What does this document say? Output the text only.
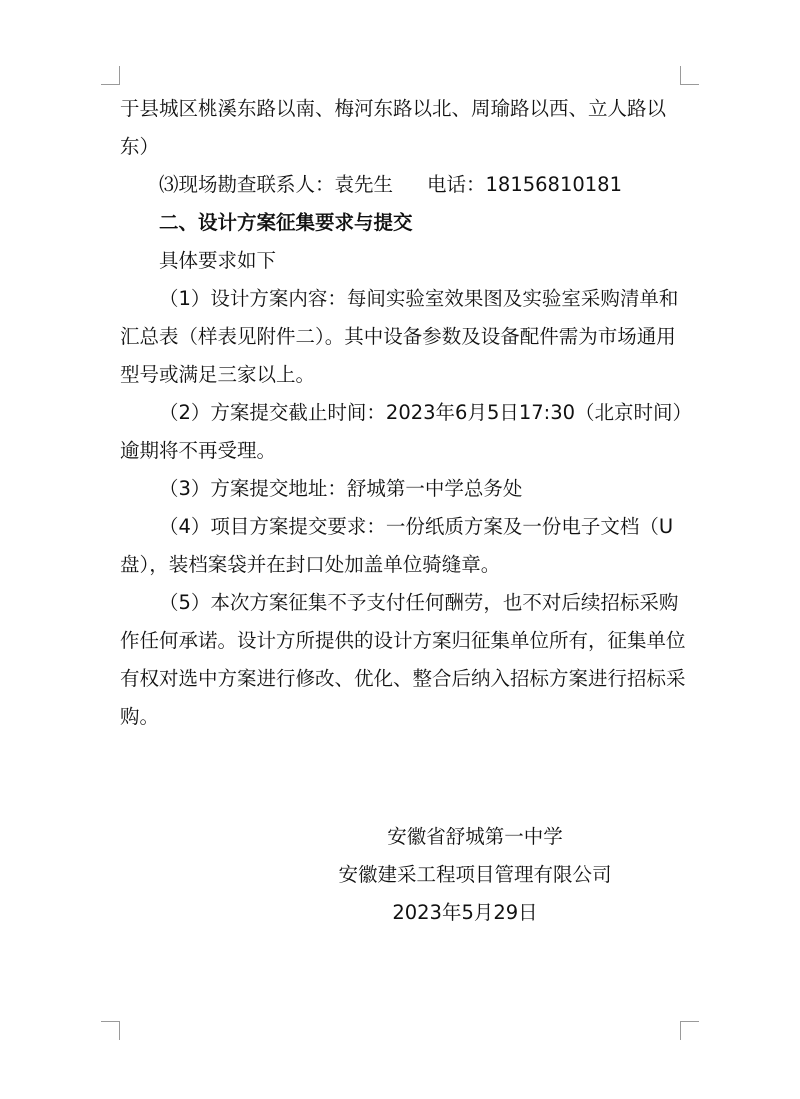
于县城区桃溪东路以南、梅河东路以北、周瑜路以西、立人路以东）

⑶现场勘查联系人：袁先生 电话：18156810181

二、设计方案征集要求与提交

具体要求如下

（1）设计方案内容：每间实验室效果图及实验室采购清单和汇总表（样表见附件二）。其中设备参数及设备配件需为市场通用型号或满足三家以上。

（2）方案提交截止时间：2023年6月5日17:30（北京时间）逾期将不再受理。

（3）方案提交地址：舒城第一中学总务处

（4）项目方案提交要求：一份纸质方案及一份电子文档（U盘），装档案袋并在封口处加盖单位骑缝章。

（5）本次方案征集不予支付任何酬劳，也不对后续招标采购作任何承诺。设计方所提供的设计方案归征集单位所有，征集单位有权对选中方案进行修改、优化、整合后纳入招标方案进行招标采购。

安徽省舒城第一中学

安徽建采工程项目管理有限公司

2023年5月29日
